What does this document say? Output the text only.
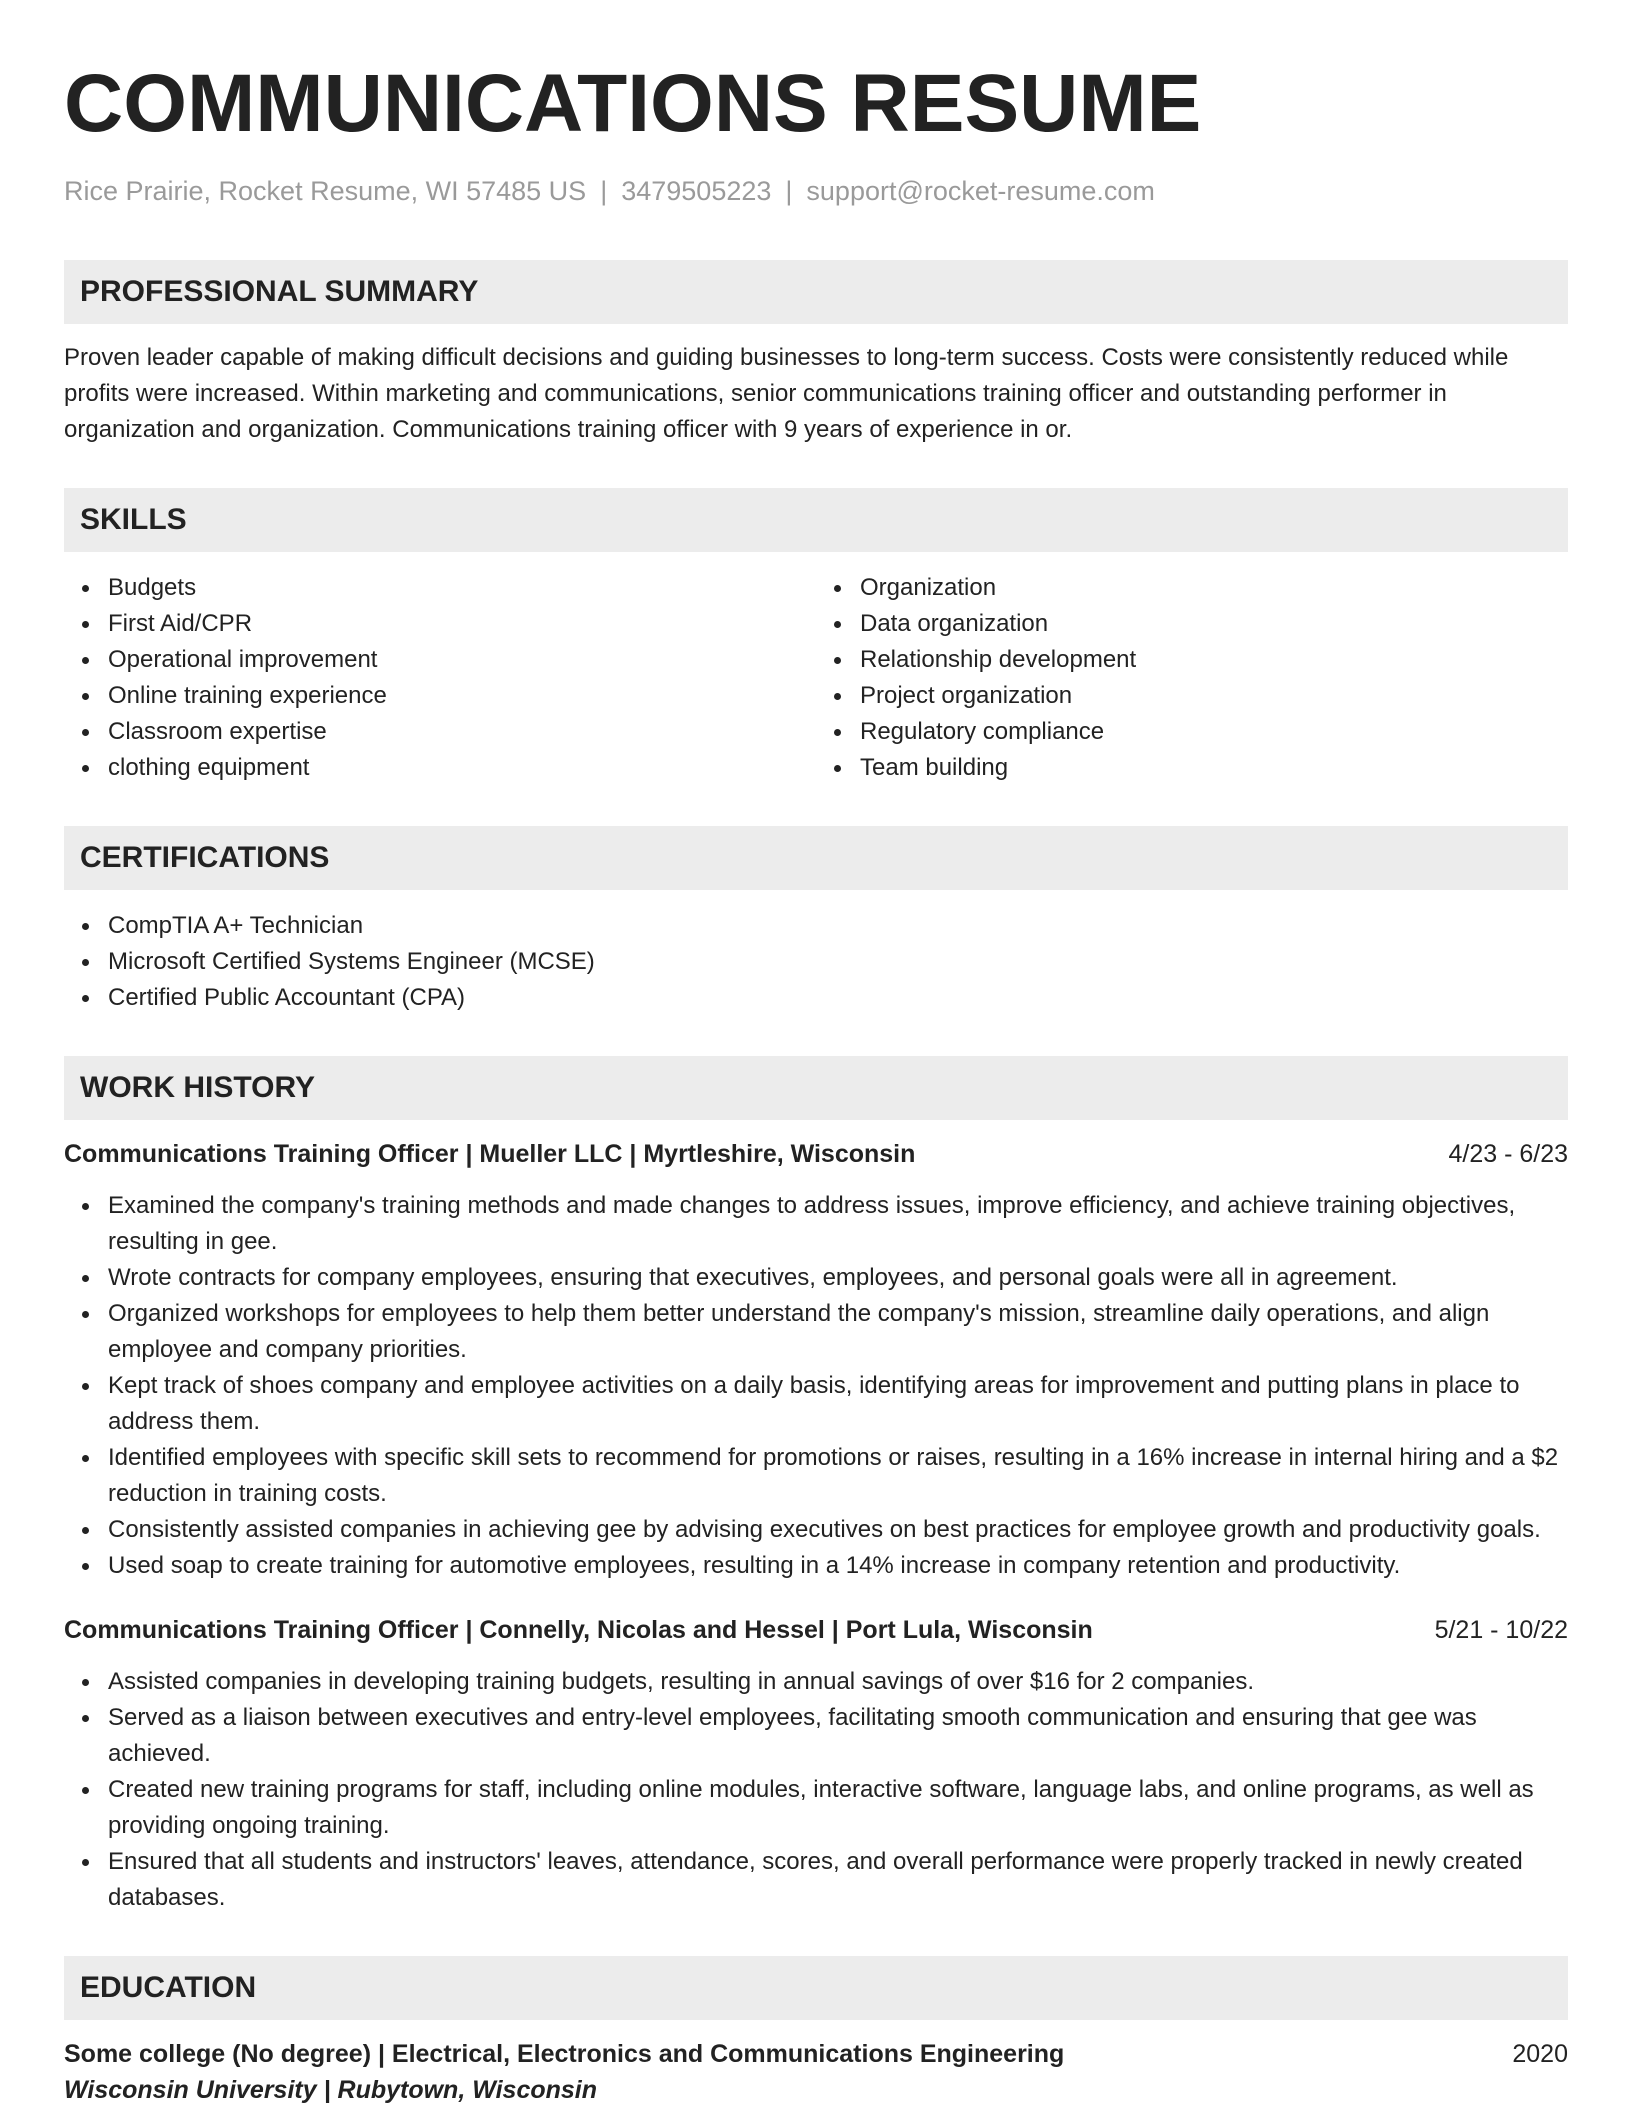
COMMUNICATIONS RESUME
Rice Prairie, Rocket Resume, WI 57485 US | 3479505223 | support@rocket-resume.com
PROFESSIONAL SUMMARY
Proven leader capable of making difficult decisions and guiding businesses to long-term success. Costs were consistently reduced while profits were increased. Within marketing and communications, senior communications training officer and outstanding performer in organization and organization. Communications training officer with 9 years of experience in or.
SKILLS
Budgets
First Aid/CPR
Operational improvement
Online training experience
Classroom expertise
clothing equipment
Organization
Data organization
Relationship development
Project organization
Regulatory compliance
Team building
CERTIFICATIONS
CompTIA A+ Technician
Microsoft Certified Systems Engineer (MCSE)
Certified Public Accountant (CPA)
WORK HISTORY
Communications Training Officer | Mueller LLC | Myrtleshire, Wisconsin	4/23 - 6/23
Examined the company's training methods and made changes to address issues, improve efficiency, and achieve training objectives, resulting in gee.
Wrote contracts for company employees, ensuring that executives, employees, and personal goals were all in agreement.
Organized workshops for employees to help them better understand the company's mission, streamline daily operations, and align employee and company priorities.
Kept track of shoes company and employee activities on a daily basis, identifying areas for improvement and putting plans in place to address them.
Identified employees with specific skill sets to recommend for promotions or raises, resulting in a 16% increase in internal hiring and a $2 reduction in training costs.
Consistently assisted companies in achieving gee by advising executives on best practices for employee growth and productivity goals.
Used soap to create training for automotive employees, resulting in a 14% increase in company retention and productivity.
Communications Training Officer | Connelly, Nicolas and Hessel | Port Lula, Wisconsin	5/21 - 10/22
Assisted companies in developing training budgets, resulting in annual savings of over $16 for 2 companies.
Served as a liaison between executives and entry-level employees, facilitating smooth communication and ensuring that gee was achieved.
Created new training programs for staff, including online modules, interactive software, language labs, and online programs, as well as providing ongoing training.
Ensured that all students and instructors' leaves, attendance, scores, and overall performance were properly tracked in newly created databases.
EDUCATION
Some college (No degree) | Electrical, Electronics and Communications Engineering	2020
Wisconsin University | Rubytown, Wisconsin
